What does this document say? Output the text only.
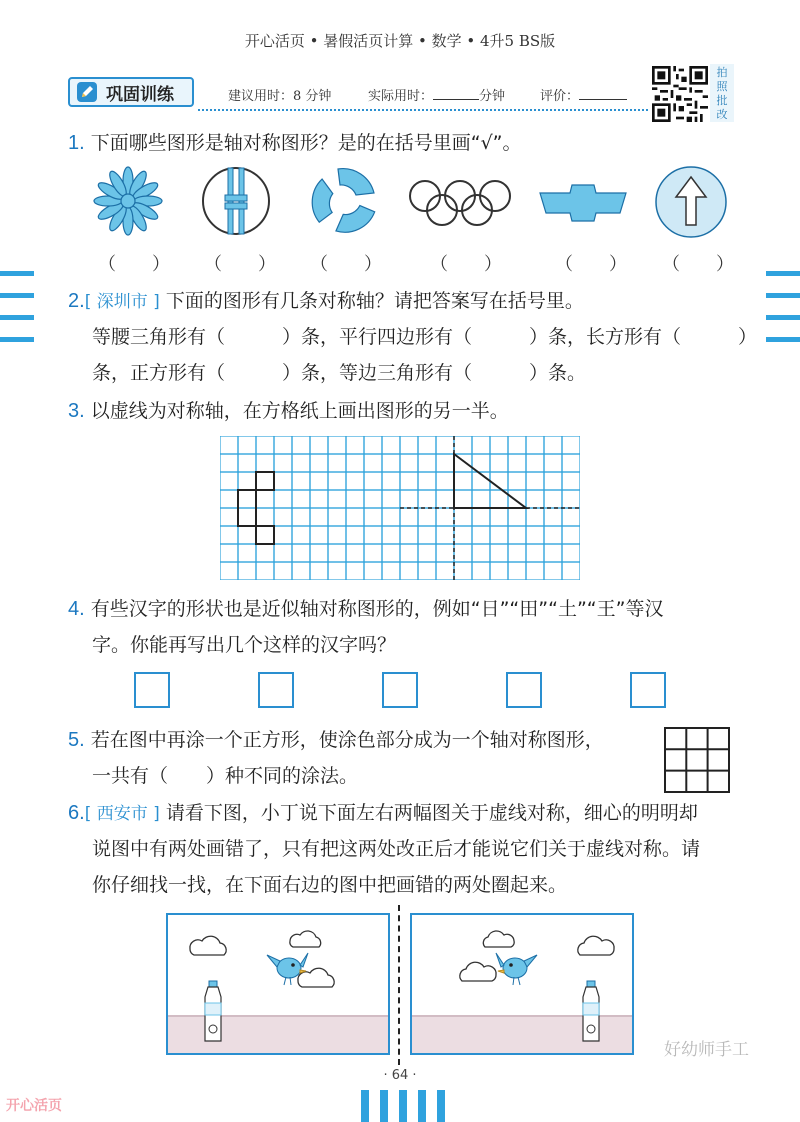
开心活页 • 暑假活页计算 • 数学 • 4升5 BS版
巩固训练	建议用时：8 分钟	实际用时：	分钟	评价：
拍
照
批
改
1. 下面哪些图形是轴对称图形？是的在括号里画“√”。
（　　） （　　） （　　）	（　　）	（　　） （　　）
2.[ 深圳市 ] 下面的图形有几条对称轴？请把答案写在括号里。
等腰三角形有（　　　）条，平行四边形有（　　　）条，长方形有（　　　）
条，正方形有（　　　）条，等边三角形有（　　　）条。
3. 以虚线为对称轴，在方格纸上画出图形的另一半。
4. 有些汉字的形状也是近似轴对称图形的，例如“日”“田”“土”“王”等汉
字。你能再写出几个这样的汉字吗？
5. 若在图中再涂一个正方形，使涂色部分成为一个轴对称图形，
一共有（　　）种不同的涂法。
6.[ 西安市 ] 请看下图，小丁说下面左右两幅图关于虚线对称，细心的明明却
说图中有两处画错了，只有把这两处改正后才能说它们关于虚线对称。请
你仔细找一找，在下面右边的图中把画错的两处圈起来。
好幼师手工
· 64 ·
开心活页
